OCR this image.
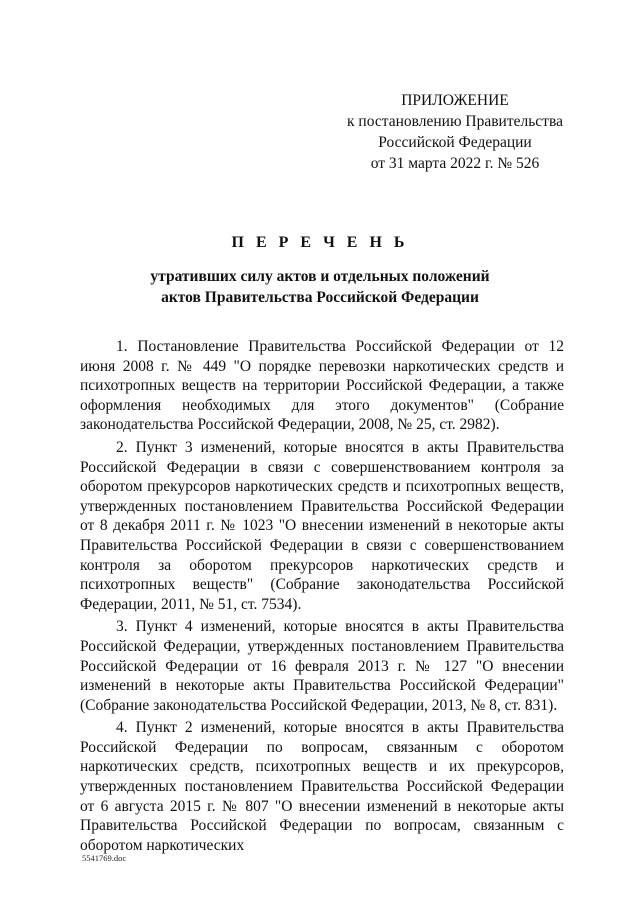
ПРИЛОЖЕНИЕ
к постановлению Правительства
Российской Федерации
от 31 марта 2022 г. № 526
П Е Р Е Ч Е Н Ь
утративших силу актов и отдельных положений
актов Правительства Российской Федерации

1. Постановление Правительства Российской Федерации от 12 июня 2008 г. № 449 "О порядке перевозки наркотических средств и психотропных веществ на территории Российской Федерации, а также оформления необходимых для этого документов" (Собрание законодательства Российской Федерации, 2008, № 25, ст. 2982).

2. Пункт 3 изменений, которые вносятся в акты Правительства Российской Федерации в связи с совершенствованием контроля за оборотом прекурсоров наркотических средств и психотропных веществ, утвержденных постановлением Правительства Российской Федерации от 8 декабря 2011 г. № 1023 "О внесении изменений в некоторые акты Правительства Российской Федерации в связи с совершенствованием контроля за оборотом прекурсоров наркотических средств и психотропных веществ" (Собрание законодательства Российской Федерации, 2011, № 51, ст. 7534).

3. Пункт 4 изменений, которые вносятся в акты Правительства Российской Федерации, утвержденных постановлением Правительства Российской Федерации от 16 февраля 2013 г. № 127 "О внесении изменений в некоторые акты Правительства Российской Федерации" (Собрание законодательства Российской Федерации, 2013, № 8, ст. 831).

4. Пункт 2 изменений, которые вносятся в акты Правительства Российской Федерации по вопросам, связанным с оборотом наркотических средств, психотропных веществ и их прекурсоров, утвержденных постановлением Правительства Российской Федерации от 6 августа 2015 г. № 807 "О внесении изменений в некоторые акты Правительства Российской Федерации по вопросам, связанным с оборотом наркотических

5541769.doc
